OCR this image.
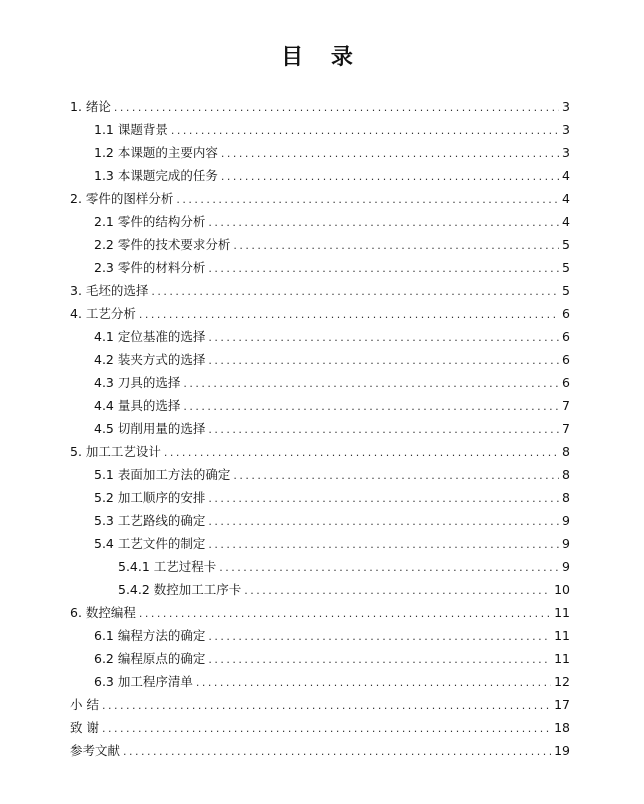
目 录
1. 绪论 .....	3
1.1 课题背景 .....	3
1.2 本课题的主要内容 .....	3
1.3 本课题完成的任务 .....	4
2. 零件的图样分析 .....	4
2.1 零件的结构分析 .....	4
2.2 零件的技术要求分析 .....	5
2.3 零件的材料分析 .....	5
3. 毛坯的选择 .....	5
4. 工艺分析 .....	6
4.1 定位基准的选择 .....	6
4.2 装夹方式的选择 .....	6
4.3 刀具的选择 .....	6
4.4 量具的选择 .....	7
4.5 切削用量的选择 .....	7
5. 加工工艺设计 .....	8
5.1 表面加工方法的确定 .....	8
5.2 加工顺序的安排 .....	8
5.3 工艺路线的确定 .....	9
5.4 工艺文件的制定 .....	9
5.4.1 工艺过程卡 .....	9
5.4.2 数控加工工序卡 .....	10
6. 数控编程 .....	11
6.1 编程方法的确定 .....	11
6.2 编程原点的确定 .....	11
6.3 加工程序清单 .....	12
小 结 .....	17
致 谢 .....	18
参考文献 .....	19
